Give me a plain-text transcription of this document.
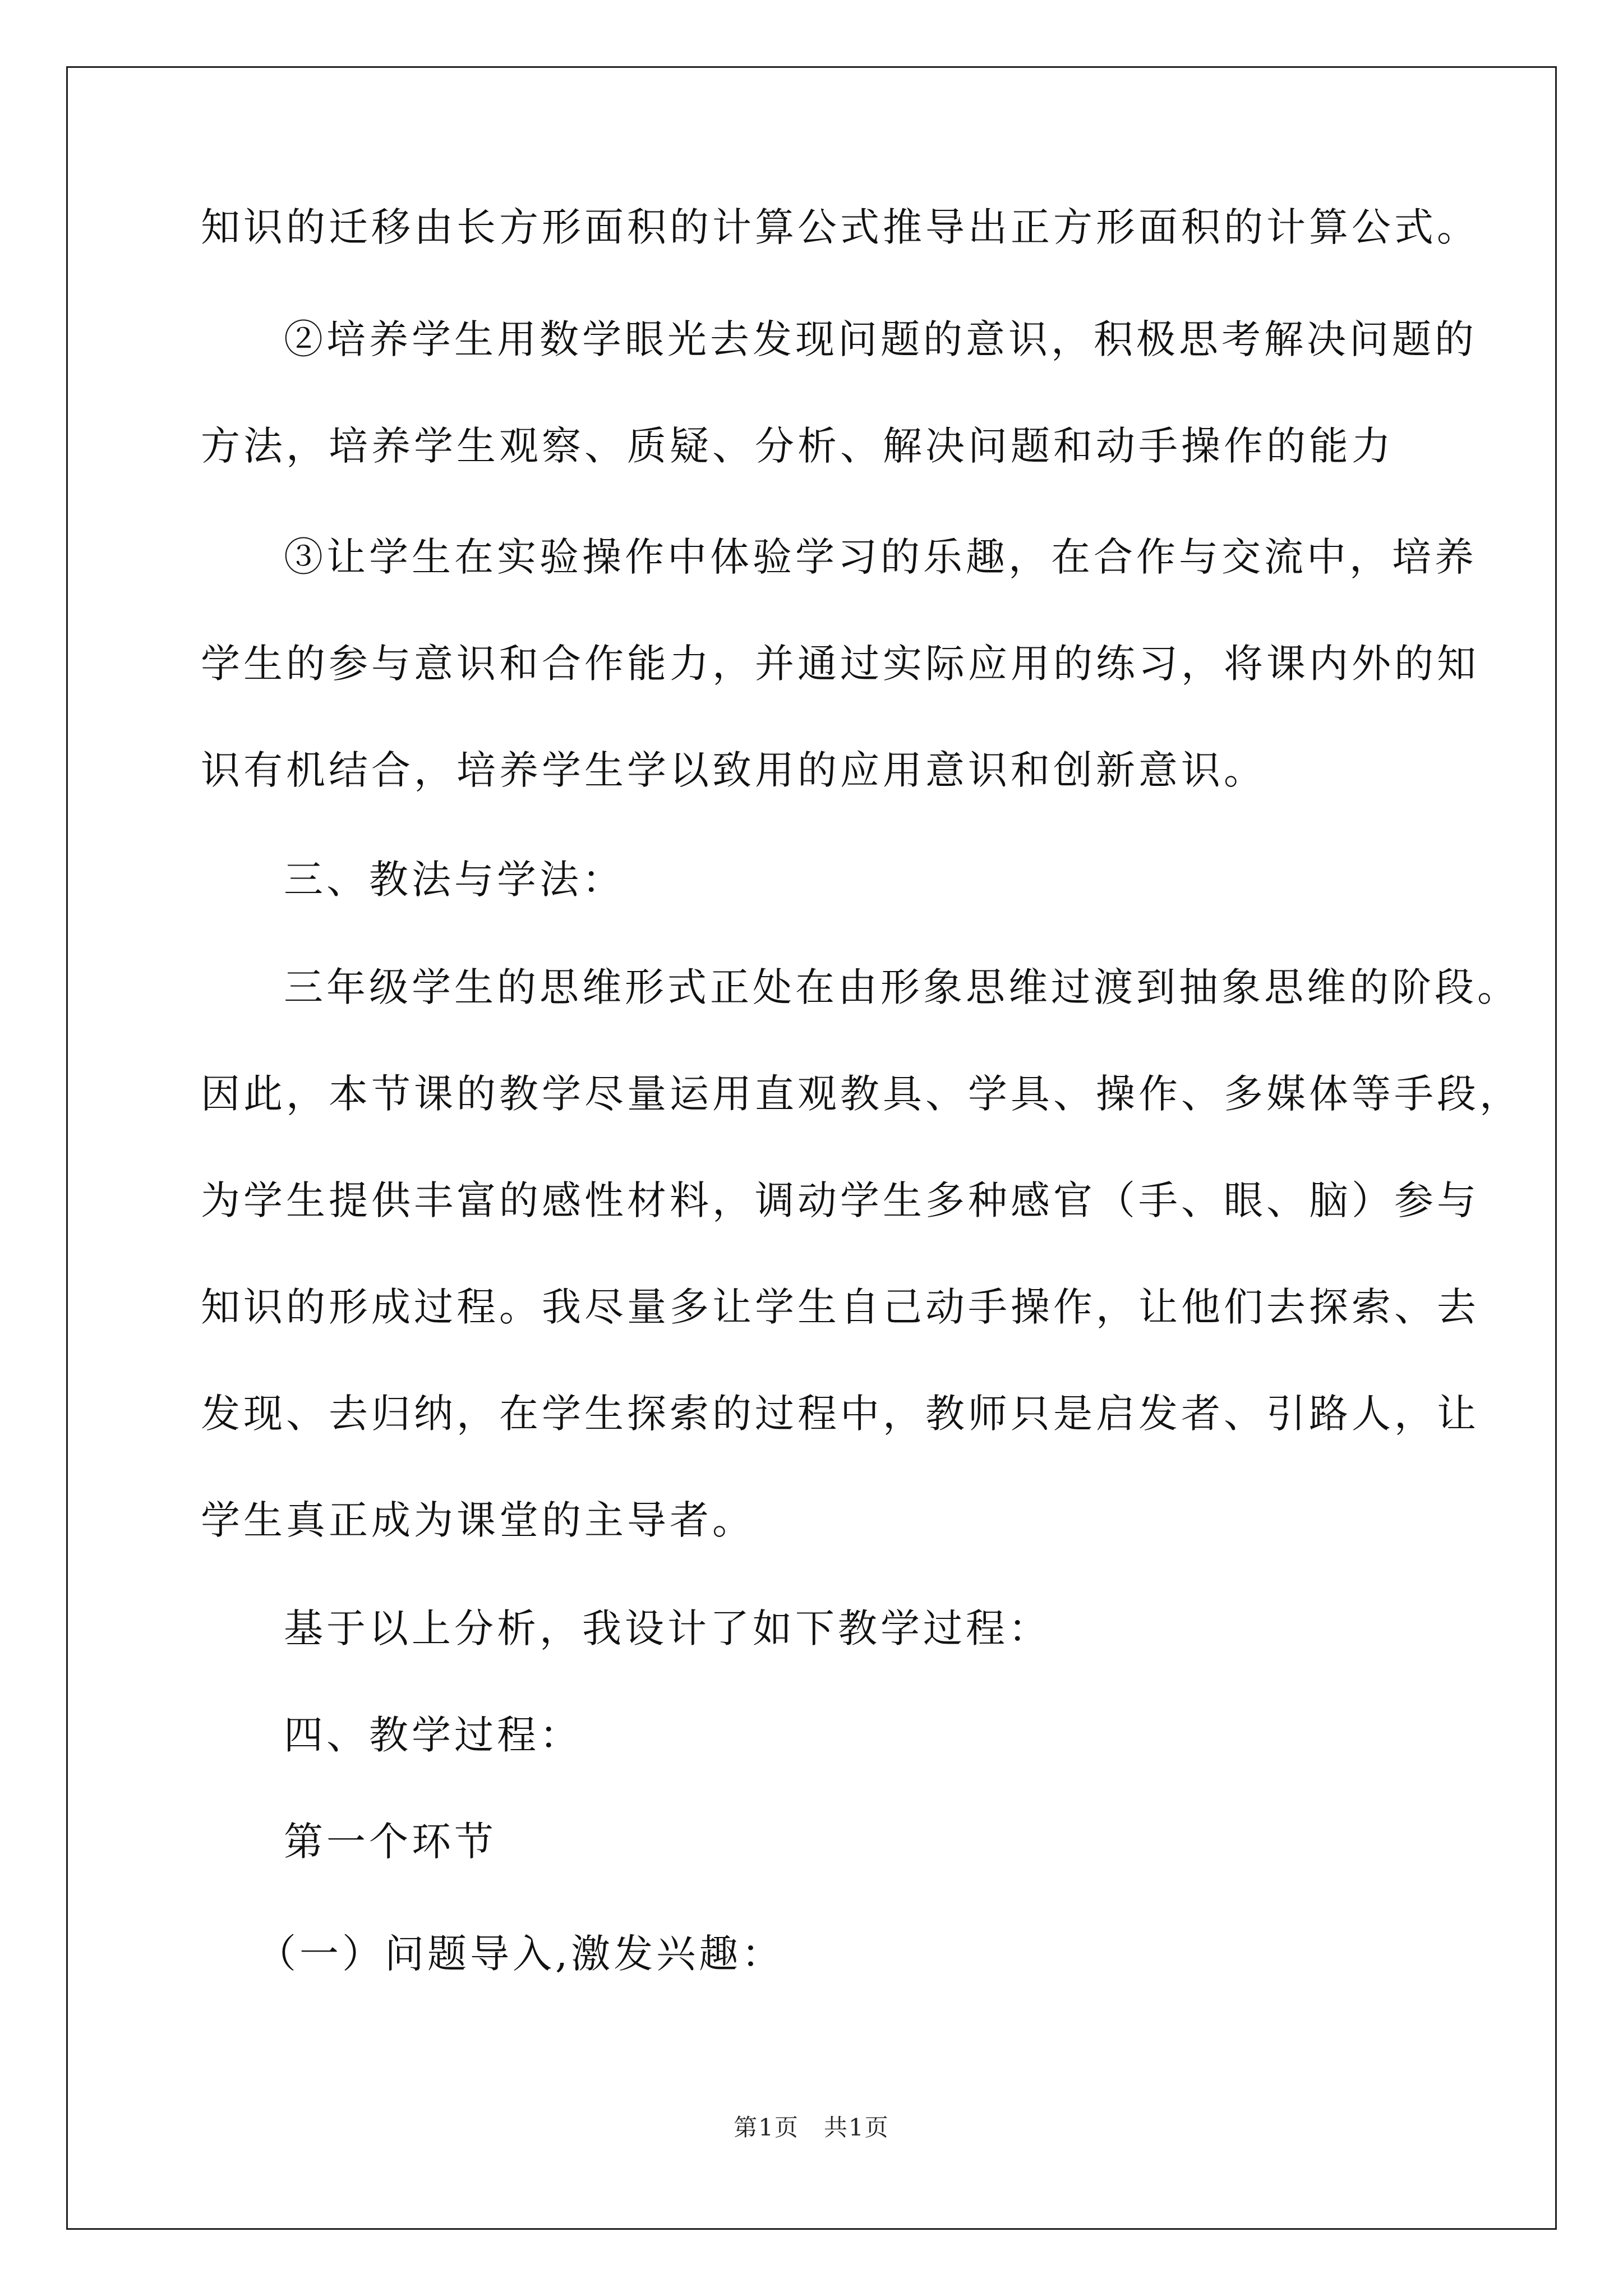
知识的迁移由长方形面积的计算公式推导出正方形面积的计算公式。
②培养学生用数学眼光去发现问题的意识，积极思考解决问题的
方法，培养学生观察、质疑、分析、解决问题和动手操作的能力
③让学生在实验操作中体验学习的乐趣，在合作与交流中，培养
学生的参与意识和合作能力，并通过实际应用的练习，将课内外的知
识有机结合，培养学生学以致用的应用意识和创新意识。
三、教法与学法：
三年级学生的思维形式正处在由形象思维过渡到抽象思维的阶段。
因此，本节课的教学尽量运用直观教具、学具、操作、多媒体等手段，
为学生提供丰富的感性材料，调动学生多种感官（手、眼、脑）参与
知识的形成过程。我尽量多让学生自己动手操作，让他们去探索、去
发现、去归纳，在学生探索的过程中，教师只是启发者、引路人，让
学生真正成为课堂的主导者。
基于以上分析，我设计了如下教学过程：
四、教学过程：
第一个环节
（一）问题导入,激发兴趣：
第1页　共1页
